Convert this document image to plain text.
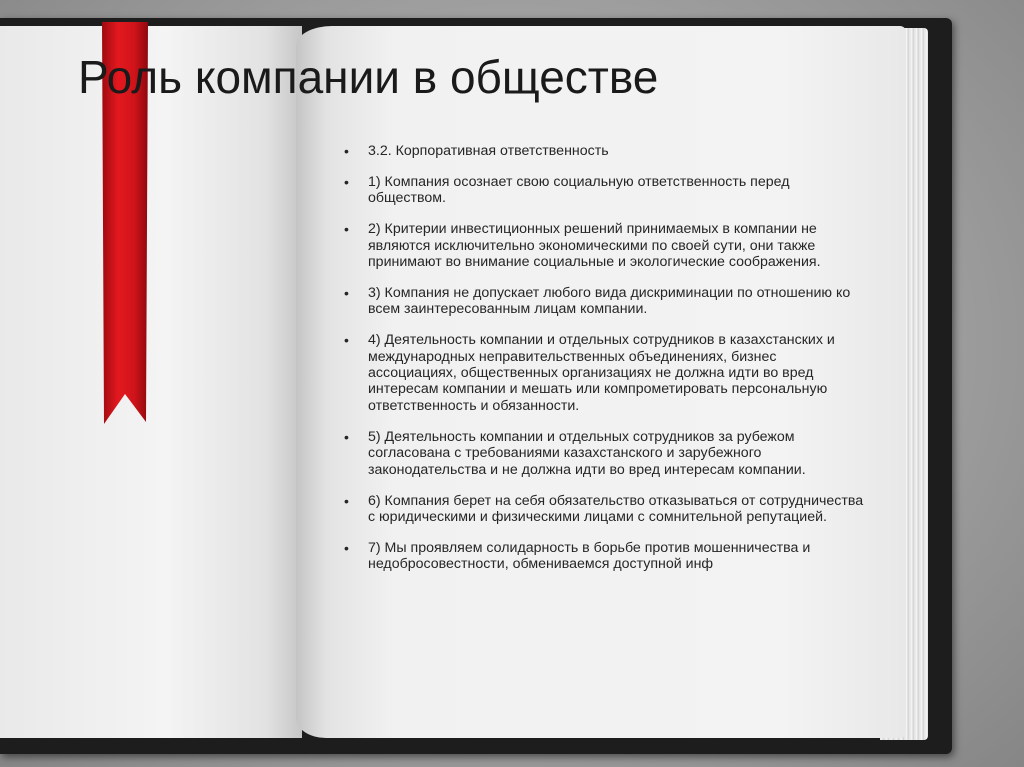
Роль компании в обществе
• 3.2. Корпоративная ответственность
• 1) Компания осознает свою социальную ответственность перед обществом.
• 2) Критерии инвестиционных решений принимаемых в компании не являются исключительно экономическими по своей сути, они также принимают во внимание социальные и экологические соображения.
• 3) Компания не допускает любого вида дискриминации по отношению ко всем заинтересованным лицам компании.
• 4) Деятельность компании и отдельных сотрудников в казахстанских и международных неправительственных объединениях, бизнес ассоциациях, общественных организациях не должна идти во вред интересам компании и мешать или компрометировать персональную ответственность и обязанности.
• 5) Деятельность компании и отдельных сотрудников за рубежом согласована с требованиями казахстанского и зарубежного законодательства и не должна идти во вред интересам компании.
• 6) Компания берет на себя обязательство отказываться от сотрудничества с юридическими и физическими лицами с сомнительной репутацией.
• 7) Мы проявляем солидарность в борьбе против мошенничества и недобросовестности, обмениваемся доступной инф
